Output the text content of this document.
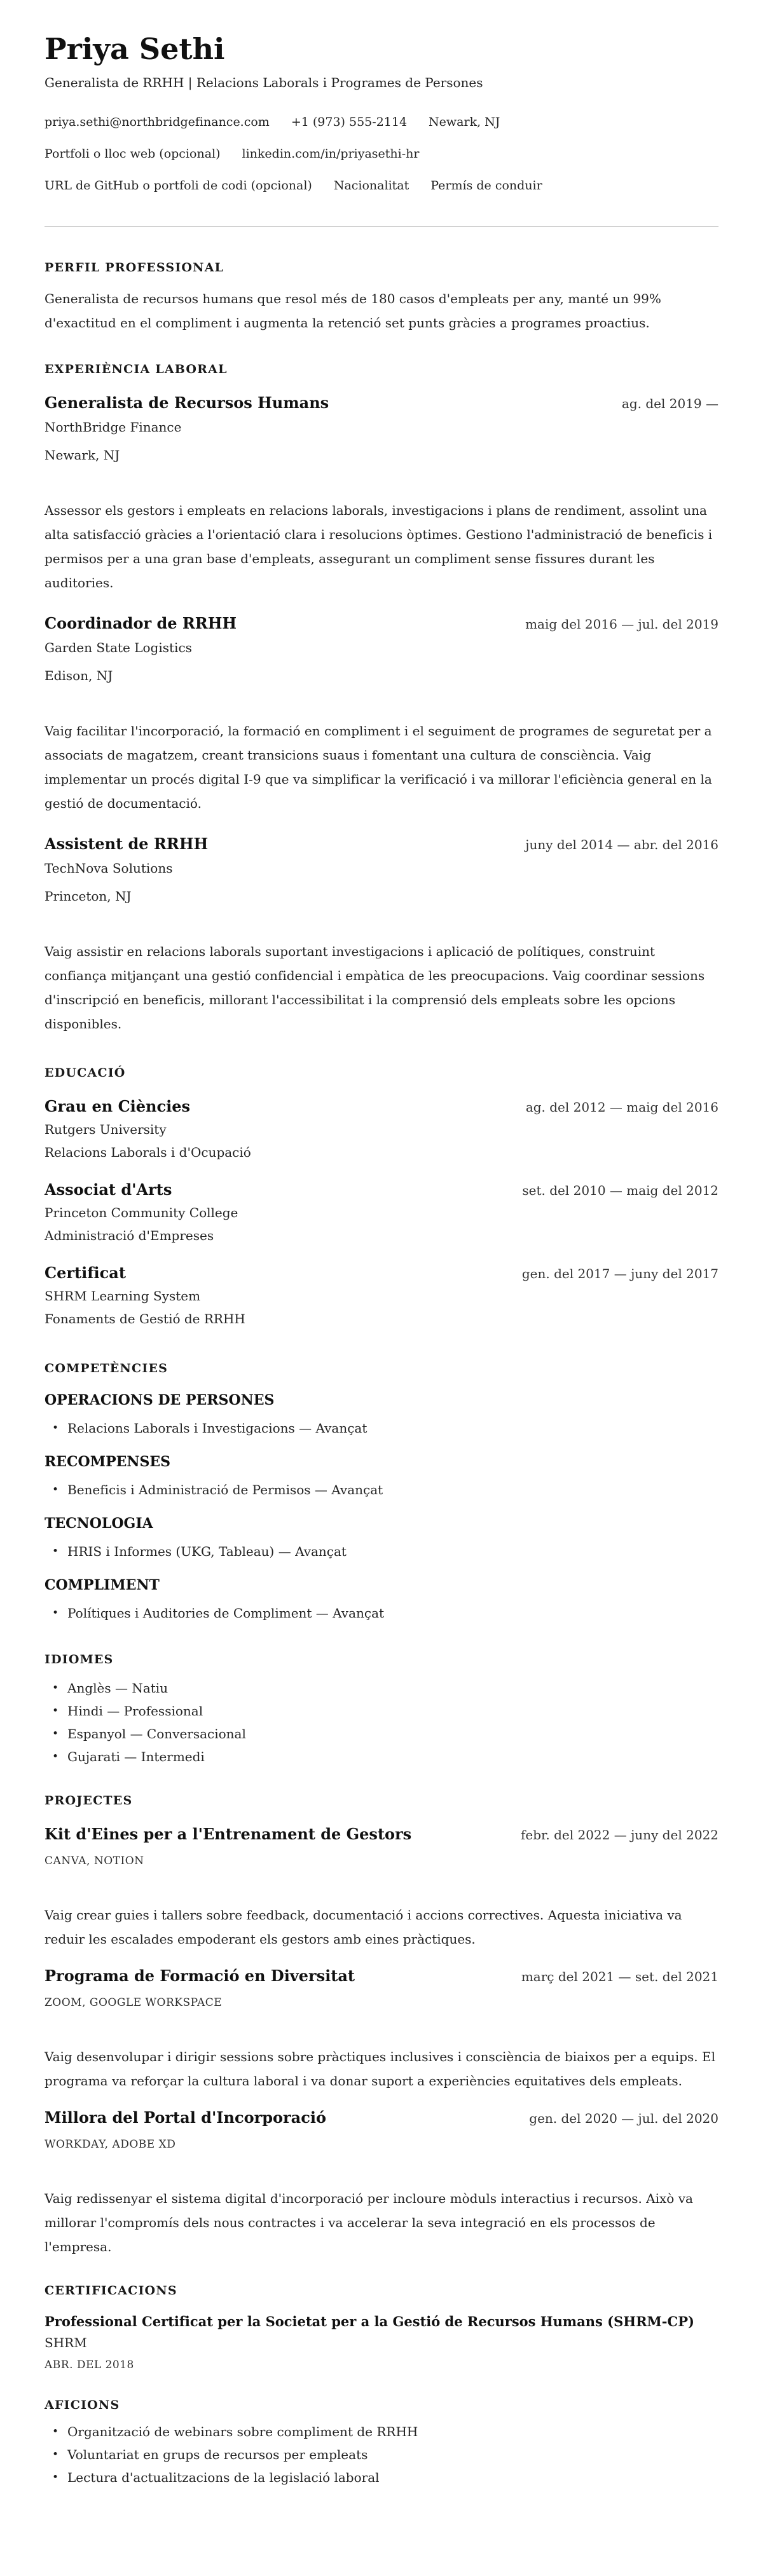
Priya Sethi
Generalista de RRHH | Relacions Laborals i Programes de Persones
priya.sethi@northbridgefinance.com +1 (973) 555-2114 Newark, NJ
Portfoli o lloc web (opcional) linkedin.com/in/priyasethi-hr
URL de GitHub o portfoli de codi (opcional) Nacionalitat Permís de conduir
PERFIL PROFESSIONAL

Generalista de recursos humans que resol més de 180 casos d'empleats per any, manté un 99% d'exactitud en el compliment i augmenta la retenció set punts gràcies a programes proactius.

EXPERIÈNCIA LABORAL
Generalista de Recursos Humans	ag. del 2019 —
NorthBridge Finance
Newark, NJ

Assessor els gestors i empleats en relacions laborals, investigacions i plans de rendiment, assolint una alta satisfacció gràcies a l'orientació clara i resolucions òptimes. Gestiono l'administració de beneficis i permisos per a una gran base d'empleats, assegurant un compliment sense fissures durant les auditories.

Coordinador de RRHH	maig del 2016 — jul. del 2019
Garden State Logistics
Edison, NJ

Vaig facilitar l'incorporació, la formació en compliment i el seguiment de programes de seguretat per a associats de magatzem, creant transicions suaus i fomentant una cultura de consciència. Vaig implementar un procés digital I-9 que va simplificar la verificació i va millorar l'eficiència general en la gestió de documentació.

Assistent de RRHH	juny del 2014 — abr. del 2016
TechNova Solutions
Princeton, NJ

Vaig assistir en relacions laborals suportant investigacions i aplicació de polítiques, construint confiança mitjançant una gestió confidencial i empàtica de les preocupacions. Vaig coordinar sessions d'inscripció en beneficis, millorant l'accessibilitat i la comprensió dels empleats sobre les opcions disponibles.

EDUCACIÓ
Grau en Ciències	ag. del 2012 — maig del 2016
Rutgers University
Relacions Laborals i d'Ocupació
Associat d'Arts	set. del 2010 — maig del 2012
Princeton Community College
Administració d'Empreses
Certificat	gen. del 2017 — juny del 2017
SHRM Learning System
Fonaments de Gestió de RRHH
COMPETÈNCIES
OPERACIONS DE PERSONES
• Relacions Laborals i Investigacions — Avançat
RECOMPENSES
• Beneficis i Administració de Permisos — Avançat
TECNOLOGIA
• HRIS i Informes (UKG, Tableau) — Avançat
COMPLIMENT
• Polítiques i Auditories de Compliment — Avançat
IDIOMES
• Anglès — Natiu
• Hindi — Professional
• Espanyol — Conversacional
• Gujarati — Intermedi
PROJECTES
Kit d'Eines per a l'Entrenament de Gestors	febr. del 2022 — juny del 2022
CANVA, NOTION

Vaig crear guies i tallers sobre feedback, documentació i accions correctives. Aquesta iniciativa va reduir les escalades empoderant els gestors amb eines pràctiques.

Programa de Formació en Diversitat	març del 2021 — set. del 2021
ZOOM, GOOGLE WORKSPACE

Vaig desenvolupar i dirigir sessions sobre pràctiques inclusives i consciència de biaixos per a equips. El programa va reforçar la cultura laboral i va donar suport a experiències equitatives dels empleats.

Millora del Portal d'Incorporació	gen. del 2020 — jul. del 2020
WORKDAY, ADOBE XD

Vaig redissenyar el sistema digital d'incorporació per incloure mòduls interactius i recursos. Això va millorar l'compromís dels nous contractes i va accelerar la seva integració en els processos de l'empresa.

CERTIFICACIONS
Professional Certificat per la Societat per a la Gestió de Recursos Humans (SHRM-CP)
SHRM
ABR. DEL 2018
AFICIONS
• Organització de webinars sobre compliment de RRHH
• Voluntariat en grups de recursos per empleats
• Lectura d'actualitzacions de la legislació laboral
